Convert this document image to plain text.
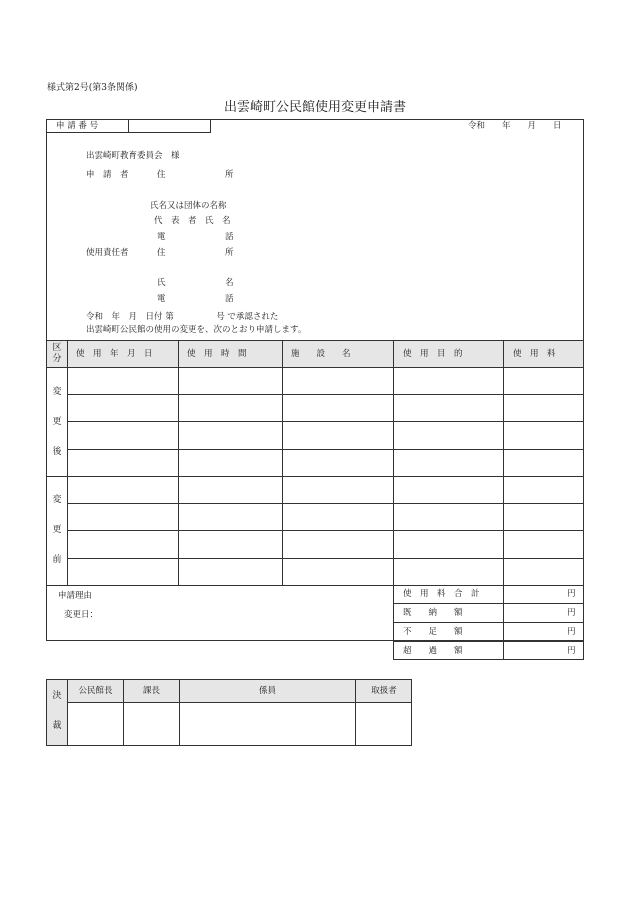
様式第2号(第3条関係)
出雲崎町公民館使用変更申請書
申 請 番 号	令和　　年　　月　　日
出雲崎町教育委員会　様
申　請　者	住　　　　　　　所
氏名又は団体の名称
代　表　者　氏　名
電　　　　　　　話
使用責任者	住　　　　　　　所
氏　　　　　　　名
電　　　　　　　話
令和　年　月　日付 第　　　　　号 で承認された
出雲崎町公民館の使用の変更を、次のとおり申請します。
区
分	使　用　年　月　日	使　用　時　間	施　　設　　名	使　用　目　的	使　用　料
変
更
後
変
更
前
申請理由
変更日：
使　用　料　合　計	円
既　　納　　額	円
不　　足　　額	円
超　　過　　額	円
決
裁
公民館長	課長	係員	取扱者
